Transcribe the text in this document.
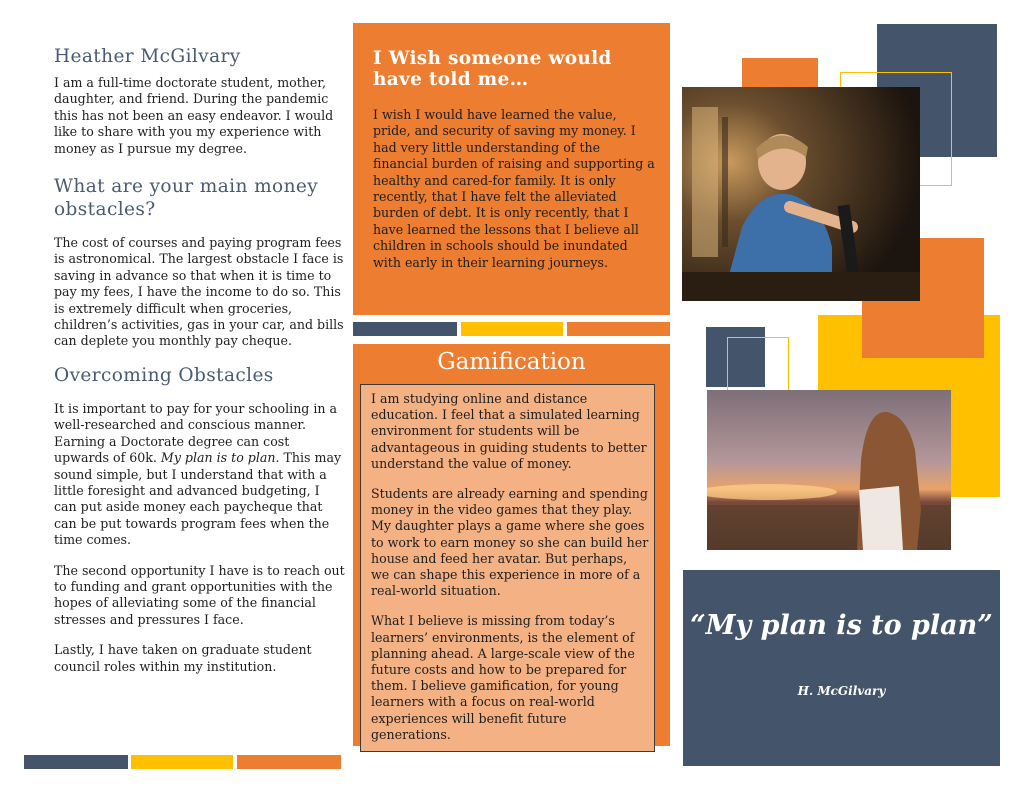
Heather McGilvary

I am a full-time doctorate student, mother, daughter, and friend. During the pandemic this has not been an easy endeavor. I would like to share with you my experience with money as I pursue my degree.

What are your main money obstacles?

The cost of courses and paying program fees is astronomical. The largest obstacle I face is saving in advance so that when it is time to pay my fees, I have the income to do so. This is extremely difficult when groceries, children’s activities, gas in your car, and bills can deplete you monthly pay cheque.

Overcoming Obstacles

It is important to pay for your schooling in a well-researched and conscious manner. Earning a Doctorate degree can cost upwards of 60k. My plan is to plan. This may sound simple, but I understand that with a little foresight and advanced budgeting, I can put aside money each paycheque that can be put towards program fees when the time comes.

The second opportunity I have is to reach out to funding and grant opportunities with the hopes of alleviating some of the financial stresses and pressures I face.

Lastly, I have taken on graduate student council roles within my institution.

I Wish someone would have told me…
I wish I would have learned the value, pride, and security of saving my money. I had very little understanding of the financial burden of raising and supporting a healthy and cared-for family. It is only recently, that I have felt the alleviated burden of debt. It is only recently, that I have learned the lessons that I believe all children in schools should be inundated with early in their learning journeys.
Gamification

I am studying online and distance education. I feel that a simulated learning environment for students will be advantageous in guiding students to better understand the value of money.

Students are already earning and spending money in the video games that they play. My daughter plays a game where she goes to work to earn money so she can build her house and feed her avatar. But perhaps, we can shape this experience in more of a real-world situation.

What I believe is missing from today’s learners’ environments, is the element of planning ahead. A large-scale view of the future costs and how to be prepared for them. I believe gamification, for young learners with a focus on real-world experiences will benefit future generations.

“My plan is to plan”
H. McGilvary
